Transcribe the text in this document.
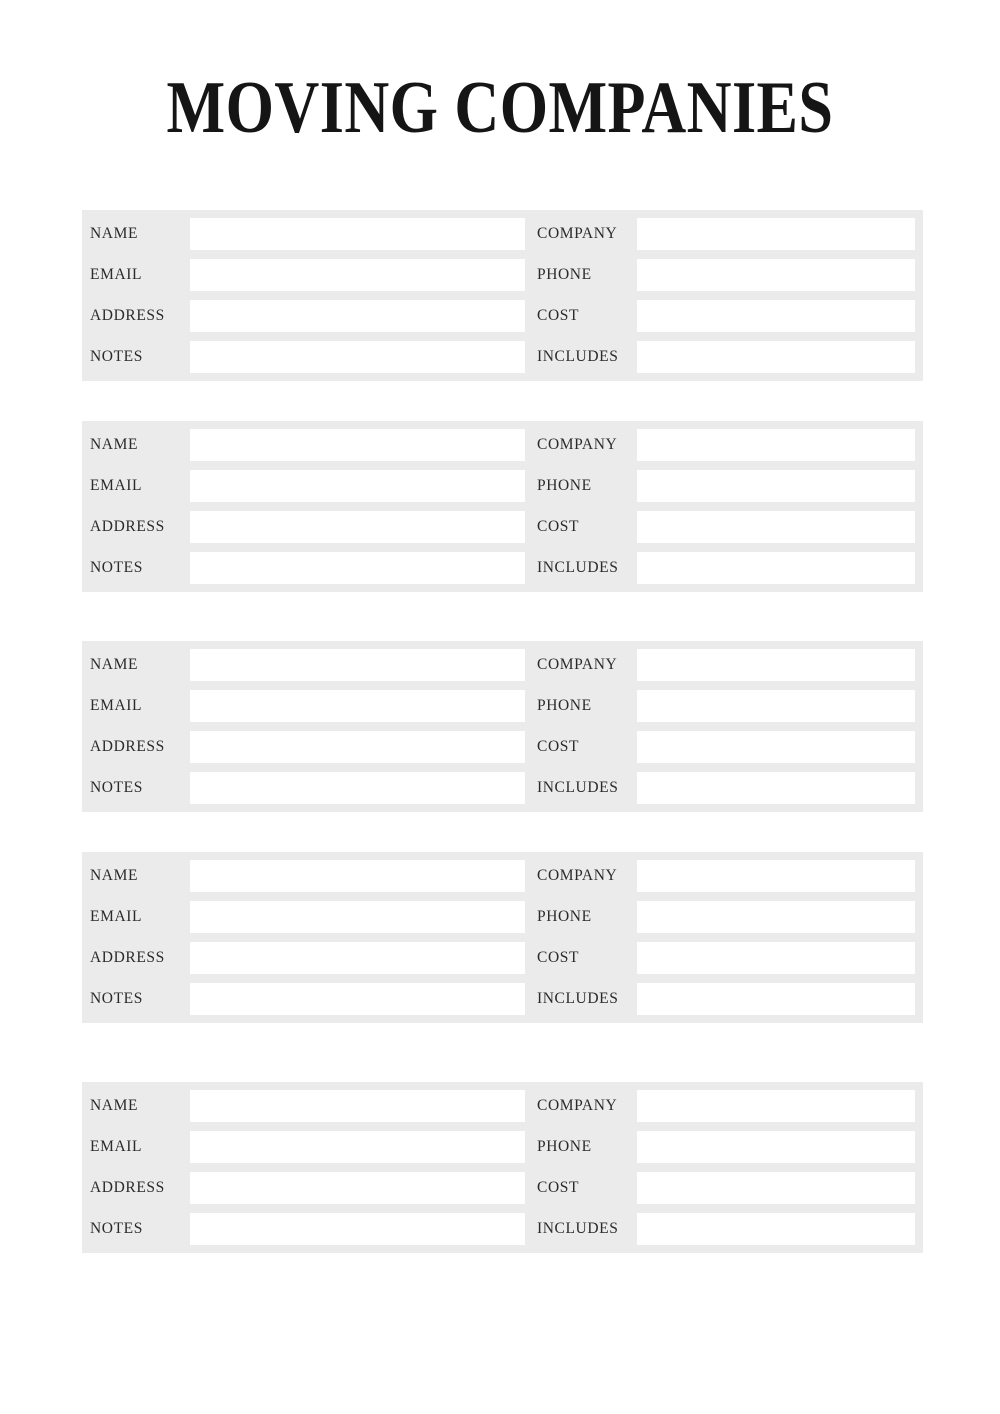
MOVING COMPANIES
NAME	COMPANY
EMAIL	PHONE
ADDRESS	COST
NOTES	INCLUDES
NAME	COMPANY
EMAIL	PHONE
ADDRESS	COST
NOTES	INCLUDES
NAME	COMPANY
EMAIL	PHONE
ADDRESS	COST
NOTES	INCLUDES
NAME	COMPANY
EMAIL	PHONE
ADDRESS	COST
NOTES	INCLUDES
NAME	COMPANY
EMAIL	PHONE
ADDRESS	COST
NOTES	INCLUDES
